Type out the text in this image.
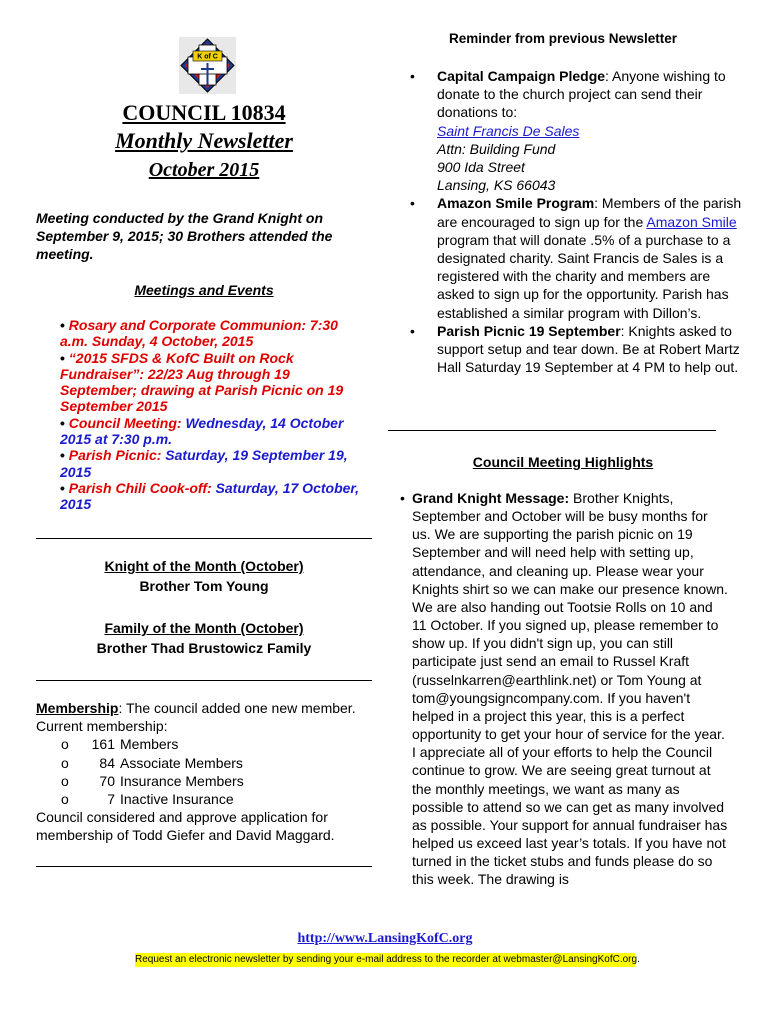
K of C
COUNCIL 10834
Monthly Newsletter
October 2015
Meeting conducted by the Grand Knight on September 9, 2015; 30 Brothers attended the meeting.
Meetings and Events

• Rosary and Corporate Communion: 7:30 a.m. Sunday, 4 October, 2015

• “2015 SFDS & KofC Built on Rock Fundraiser”: 22/23 Aug through 19 September; drawing at Parish Picnic on 19 September 2015

• Council Meeting: Wednesday, 14 October 2015 at 7:30 p.m.

• Parish Picnic: Saturday, 19 September 19, 2015

• Parish Chili Cook-off: Saturday, 17 October, 2015

Knight of the Month (October)
Brother Tom Young
Family of the Month (October)
Brother Thad Brustowicz Family
Membership: The council added one new member. Current membership:
o 161 Members
o 84 Associate Members
o 70 Insurance Members
o	7 Inactive Insurance
Council considered and approve application for membership of Todd Giefer and David Maggard.
Reminder from previous Newsletter
• Capital Campaign Pledge: Anyone wishing to donate to the church project can send their donations to:
Saint Francis De Sales
Attn: Building Fund
900 Ida Street
Lansing, KS 66043
• Amazon Smile Program: Members of the parish are encouraged to sign up for the Amazon Smile program that will donate .5% of a purchase to a designated charity. Saint Francis de Sales is a registered with the charity and members are asked to sign up for the opportunity. Parish has established a similar program with Dillon’s.
• Parish Picnic 19 September: Knights asked to support setup and tear down. Be at Robert Martz Hall Saturday 19 September at 4 PM to help out.
Council Meeting Highlights
• Grand Knight Message: Brother Knights, September and October will be busy months for us. We are supporting the parish picnic on 19 September and will need help with setting up, attendance, and cleaning up. Please wear your Knights shirt so we can make our presence known. We are also handing out Tootsie Rolls on 10 and 11 October. If you signed up, please remember to show up. If you didn't sign up, you can still participate just send an email to Russel Kraft (russelnkarren@earthlink.net) or Tom Young at tom@youngsigncompany.com. If you haven't helped in a project this year, this is a perfect opportunity to get your hour of service for the year. I appreciate all of your efforts to help the Council continue to grow. We are seeing great turnout at the monthly meetings, we want as many as possible to attend so we can get as many involved as possible. Your support for annual fundraiser has helped us exceed last year’s totals. If you have not turned in the ticket stubs and funds please do so this week. The drawing is
http://www.LansingKofC.org
Request an electronic newsletter by sending your e-mail address to the recorder at webmaster@LansingKofC.org.
